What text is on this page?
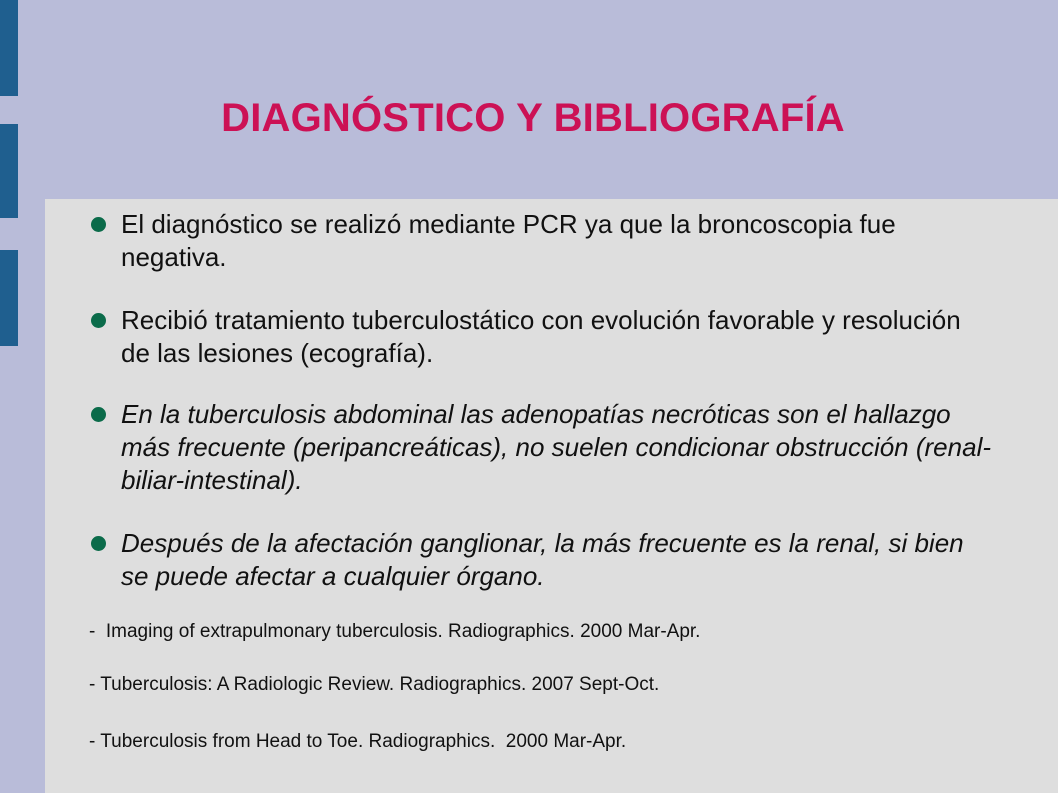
DIAGNÓSTICO Y BIBLIOGRAFÍA
El diagnóstico se realizó mediante PCR ya que la broncoscopia fue negativa.
Recibió tratamiento tuberculostático con evolución favorable y resolución de las lesiones (ecografía).
En la tuberculosis abdominal las adenopatías necróticas son el hallazgo más frecuente (peripancreáticas), no suelen condicionar obstrucción (renal-biliar-intestinal).
Después de la afectación ganglionar, la más frecuente es la renal, si bien se puede afectar a cualquier órgano.
-  Imaging of extrapulmonary tuberculosis. Radiographics. 2000 Mar-Apr.
- Tuberculosis: A Radiologic Review. Radiographics. 2007 Sept-Oct.
- Tuberculosis from Head to Toe. Radiographics.  2000 Mar-Apr.
